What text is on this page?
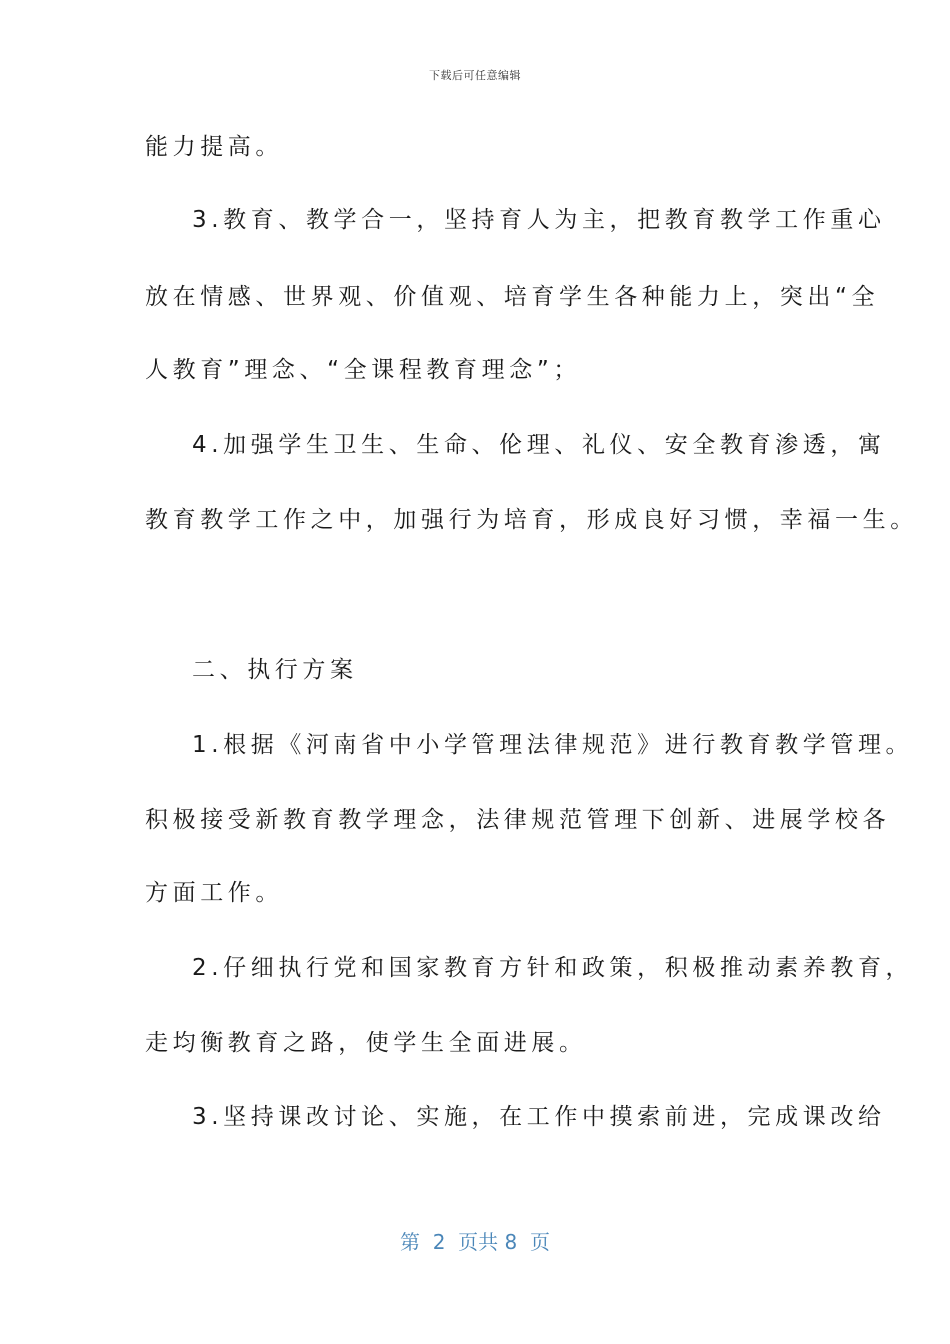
下载后可任意编辑
能力提高。
3.教育、教学合一，坚持育人为主，把教育教学工作重心
放在情感、世界观、价值观、培育学生各种能力上，突出“全
人教育”理念、“全课程教育理念”；
4.加强学生卫生、生命、伦理、礼仪、安全教育渗透，寓
教育教学工作之中，加强行为培育，形成良好习惯，幸福一生。
二、执行方案
1.根据《河南省中小学管理法律规范》进行教育教学管理。
积极接受新教育教学理念，法律规范管理下创新、进展学校各
方面工作。
2.仔细执行党和国家教育方针和政策，积极推动素养教育，
走均衡教育之路，使学生全面进展。
3.坚持课改讨论、实施，在工作中摸索前进，完成课改给
第  2  页共 8  页
